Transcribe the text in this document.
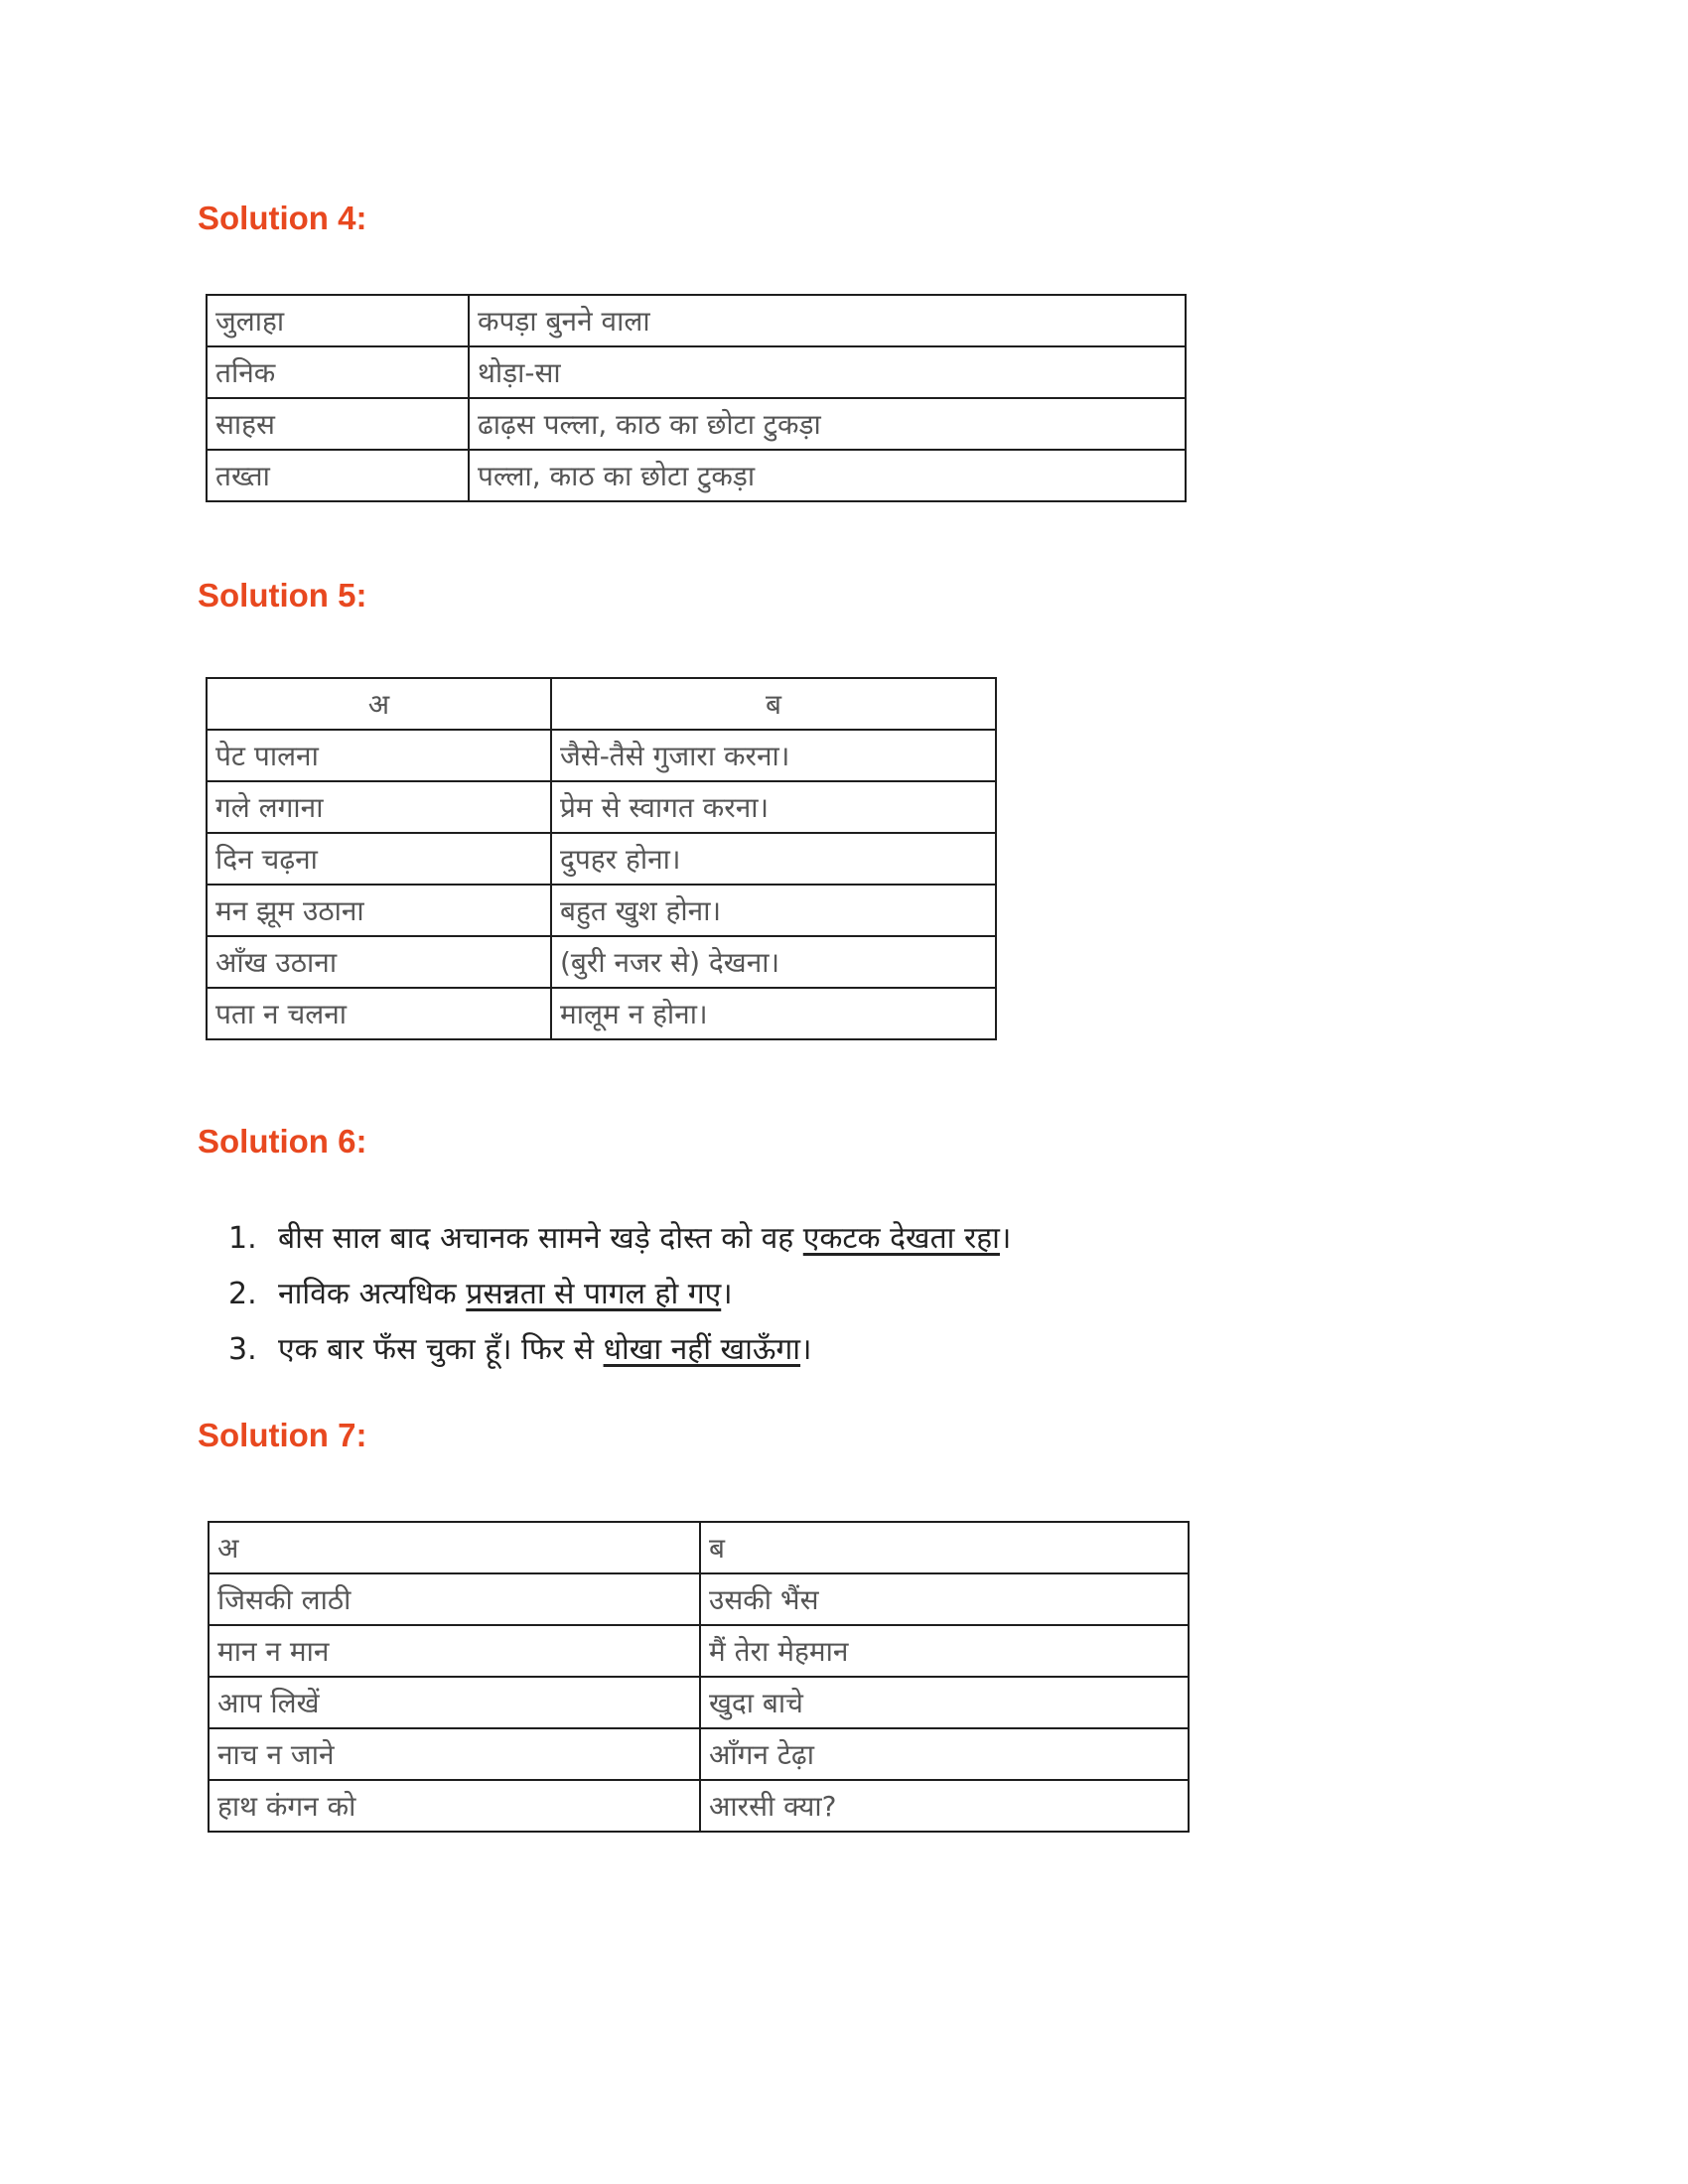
Solution 4:
जुलाहा	कपड़ा बुनने वाला
तनिक	थोड़ा-सा
साहस	ढाढ़स पल्ला, काठ का छोटा टुकड़ा
तख्ता	पल्ला, काठ का छोटा टुकड़ा
Solution 5:
अ	ब
पेट पालना	जैसे-तैसे गुजारा करना।
गले लगाना	प्रेम से स्वागत करना।
दिन चढ़ना	दुपहर होना।
मन झूम उठाना	बहुत खुश होना।
आँख उठाना	(बुरी नजर से) देखना।
पता न चलना	मालूम न होना।
Solution 6:
1. बीस साल बाद अचानक सामने खड़े दोस्त को वह एकटक देखता रहा।
2. नाविक अत्यधिक प्रसन्नता से पागल हो गए।
3. एक बार फँस चुका हूँ। फिर से धोखा नहीं खाऊँगा।
Solution 7:
अ	ब
जिसकी लाठी	उसकी भैंस
मान न मान	मैं तेरा मेहमान
आप लिखें	खुदा बाचे
नाच न जाने	आँगन टेढ़ा
हाथ कंगन को	आरसी क्या?
